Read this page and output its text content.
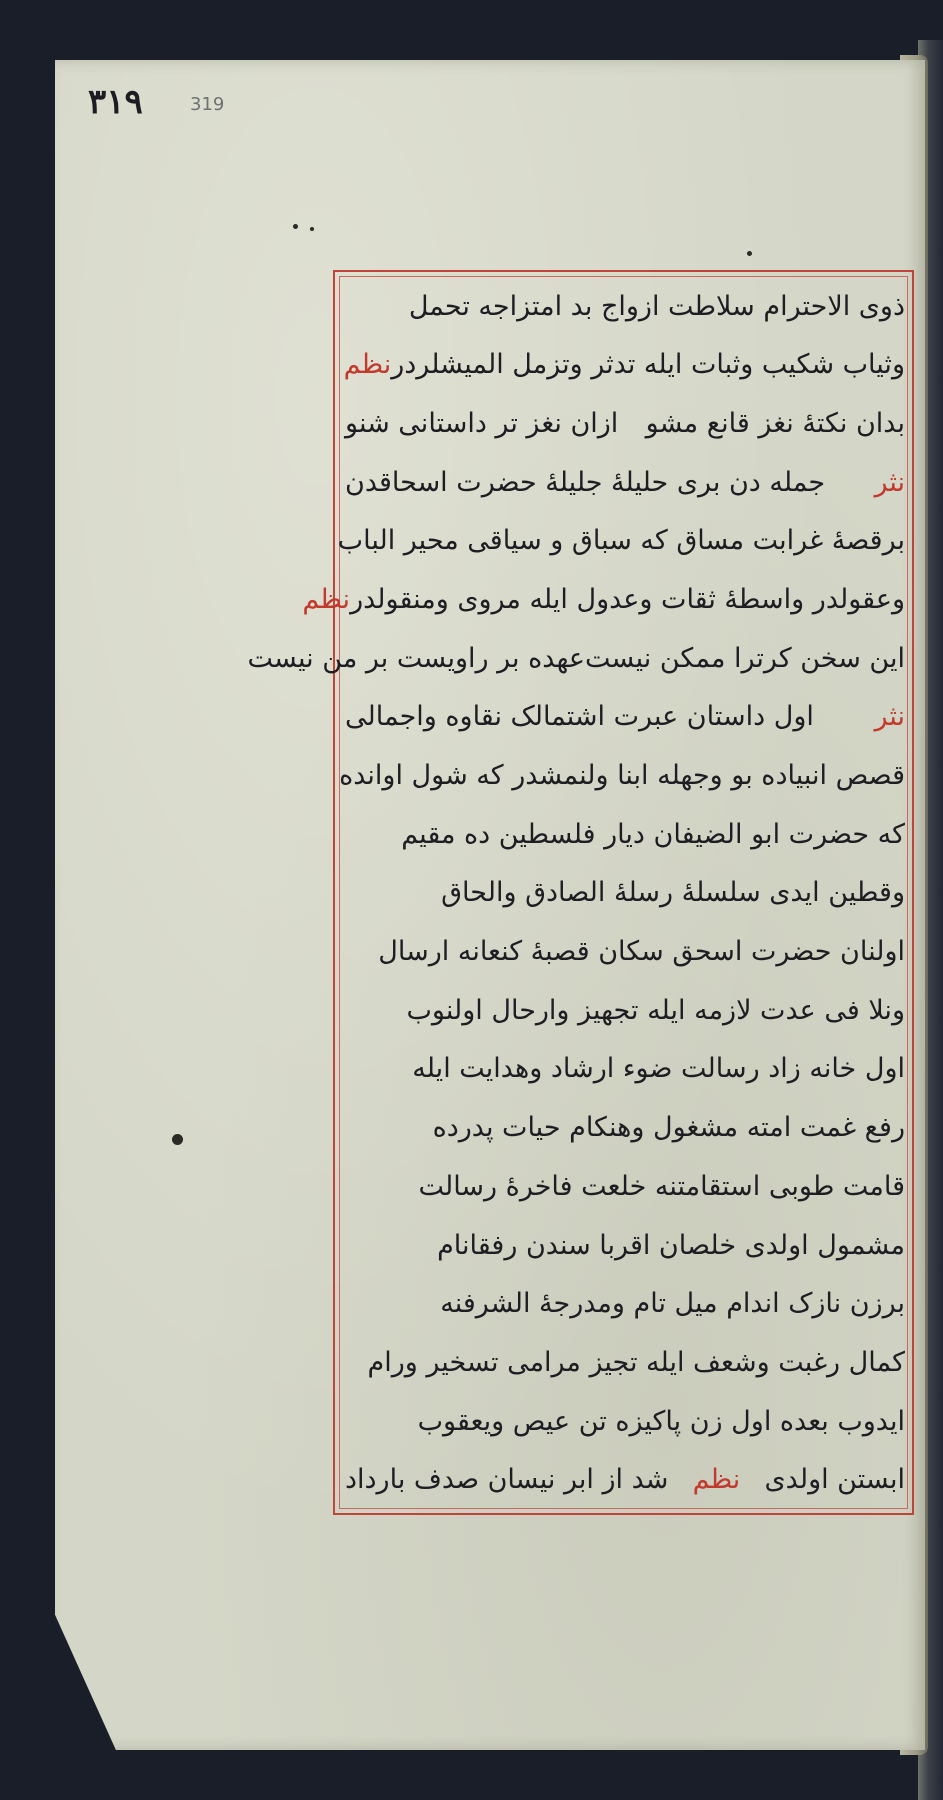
٣١٩	319
ذوی الاحترام سلاطت ازواج بد امتزاجه تحمل
وثیاب شکیب وثبات ایله تدثر وتزمل المیشلردر
نظم
بدان نکتهٔ نغز قانع مشو
ازان نغز تر داستانی شنو
نثر
جمله دن بری حلیلهٔ جلیلهٔ حضرت اسحاقدن
برقصهٔ غرابت مساق که سباق و سیاقی محیر الباب
وعقولدر واسطهٔ ثقات وعدول ایله مروی ومنقولدر
نظم
این سخن کرترا ممکن نیست
عهده بر راویست بر من نیست
نثر
اول داستان عبرت اشتمالک نقاوه واجمالی
قصص انبیاده بو وجهله ابنا ولنمشدر که شول اوانده
که حضرت ابو الضیفان دیار فلسطین ده مقیم
وقطین ایدی سلسلهٔ رسلهٔ الصادق والحاق
اولنان حضرت اسحق سکان قصبهٔ کنعانه ارسال
ونلا فی عدت لازمه ایله تجهیز وارحال اولنوب
اول خانه زاد رسالت ضوء ارشاد وهدایت ایله
رفع غمت امته مشغول وهنکام حیات پدرده
قامت طوبی استقامتنه خلعت فاخرهٔ رسالت
مشمول اولدی خلصان اقربا سندن رفقانام
برزن نازک اندام میل تام ومدرجهٔ الشرفنه
کمال رغبت وشعف ایله تجیز مرامی تسخیر ورام
ایدوب بعده اول زن پاکیزه تن عیص ویعقوب
ابستن اولدی
نظم
شد از ابر نیسان صدف بارداد
